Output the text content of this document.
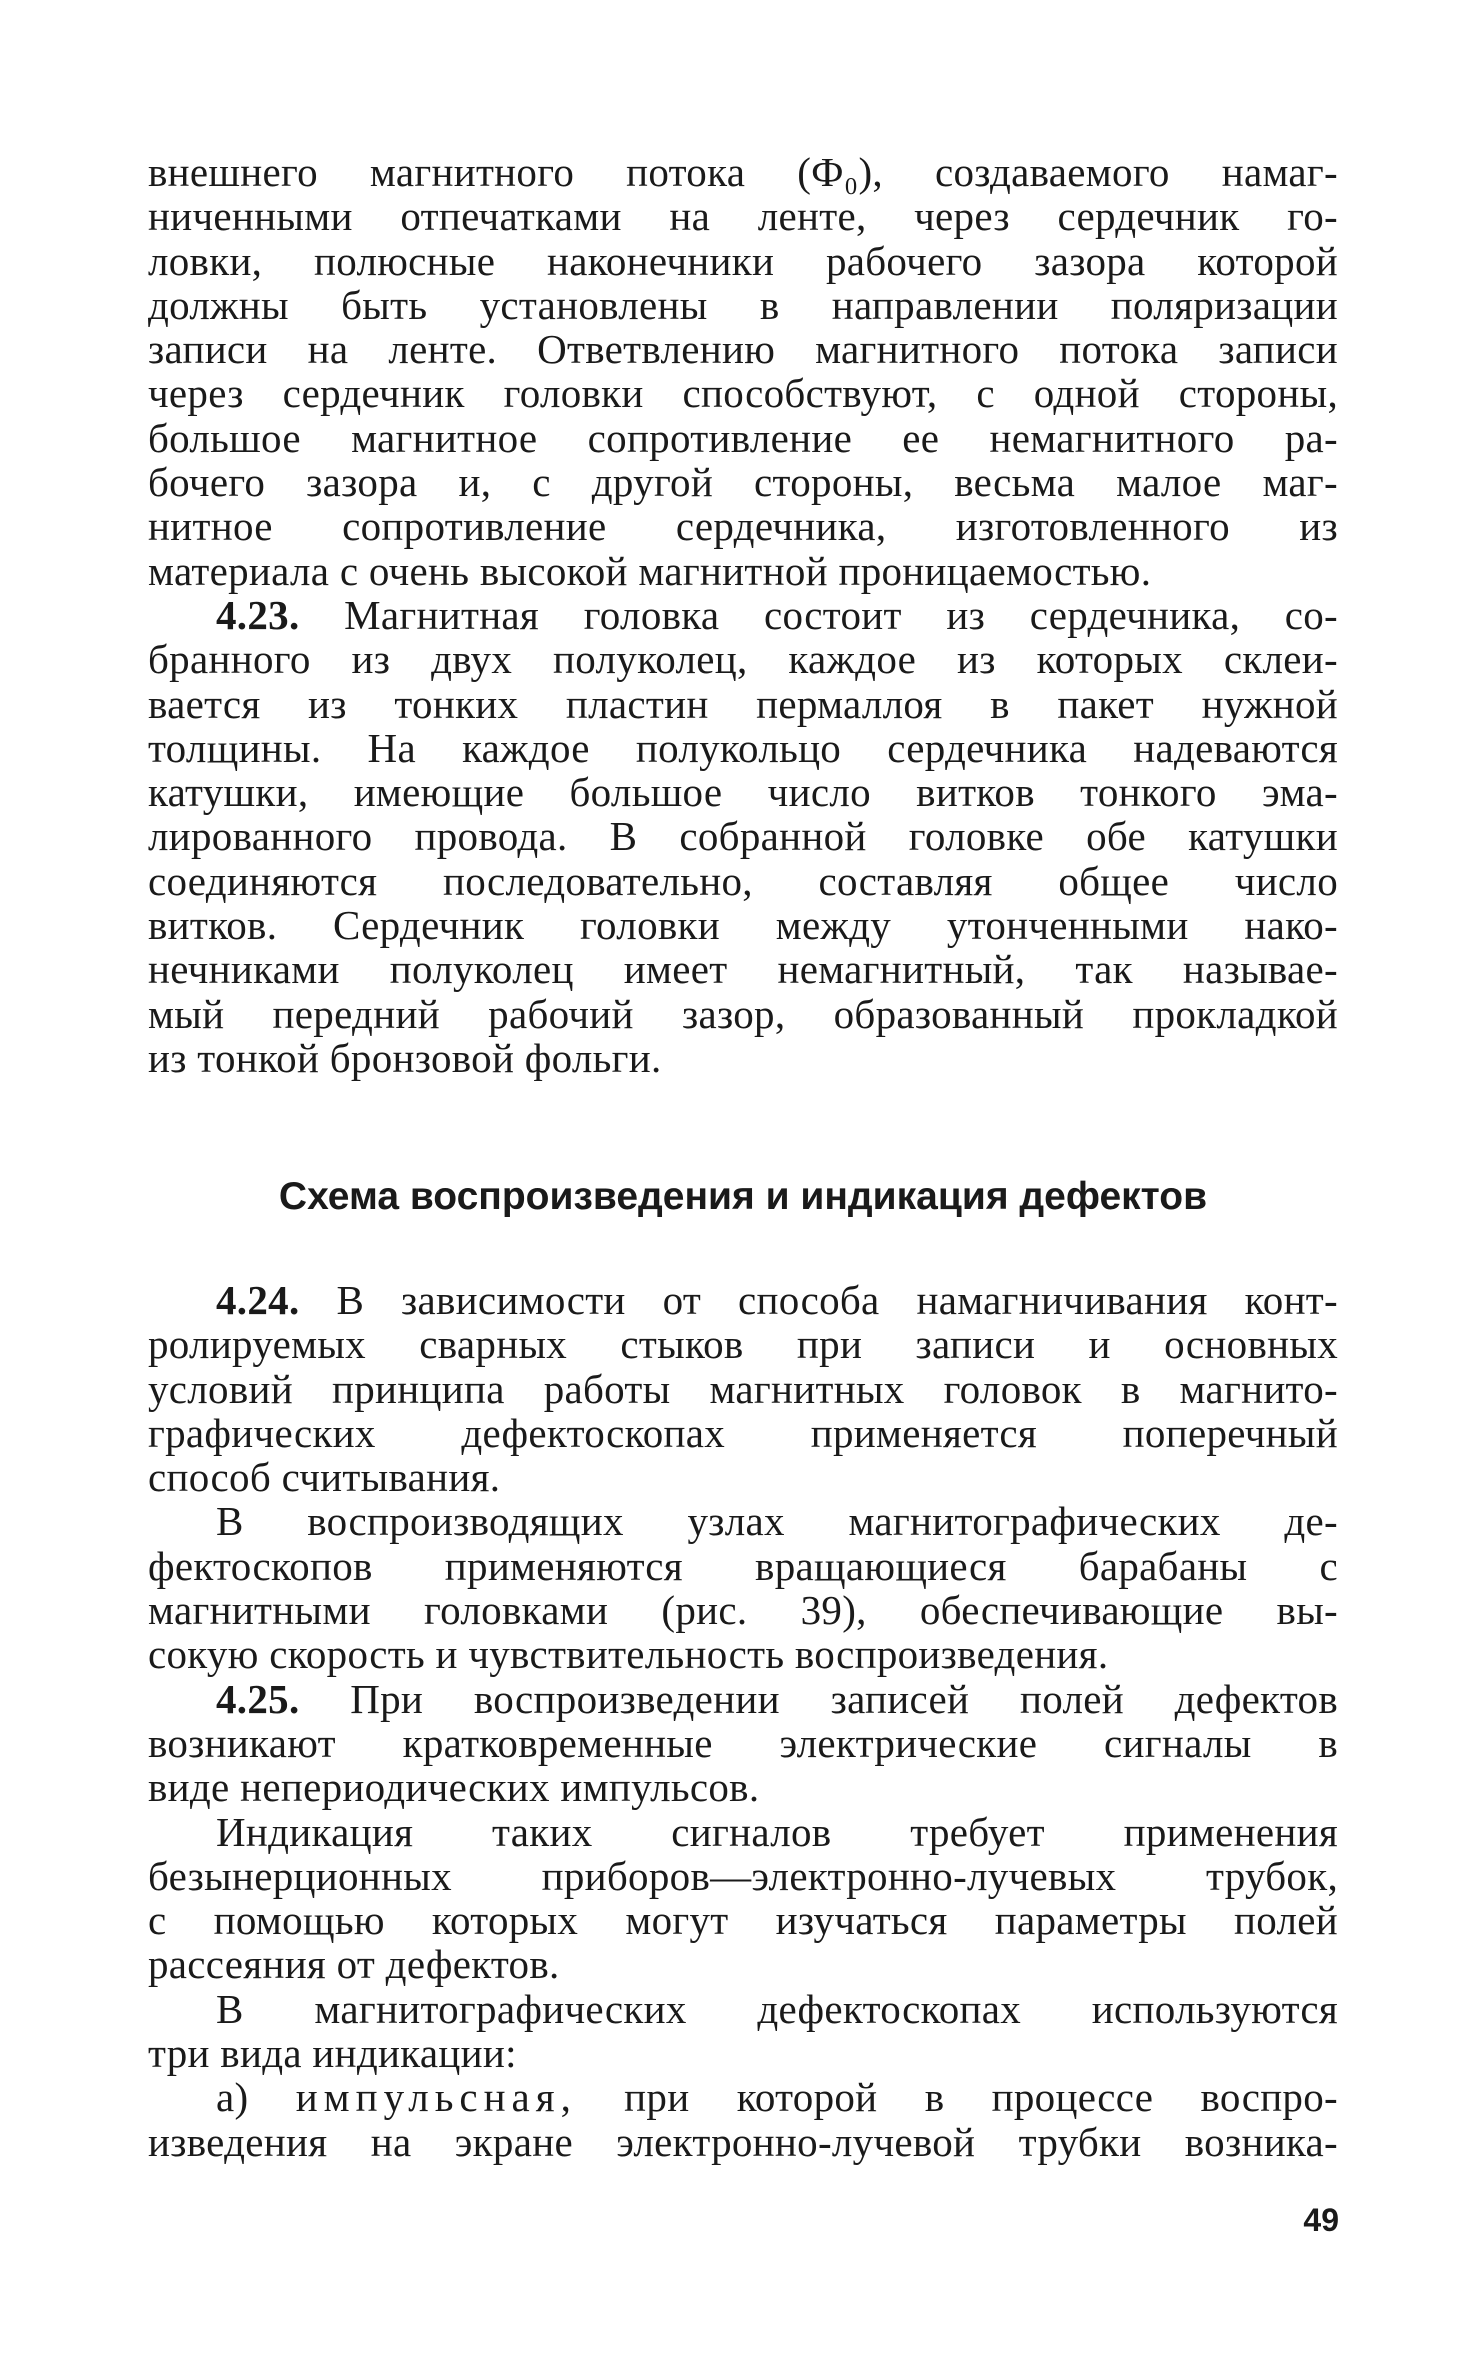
внешнего магнитного потока (Ф₀), создаваемого намаг-
ниченными отпечатками на ленте, через сердечник го-
ловки, полюсные наконечники рабочего зазора которой
должны быть установлены в направлении поляризации
записи на ленте. Ответвлению магнитного потока записи
через сердечник головки способствуют, с одной стороны,
большое магнитное сопротивление ее немагнитного ра-
бочего зазора и, с другой стороны, весьма малое маг-
нитное сопротивление сердечника, изготовленного из
материала с очень высокой магнитной проницаемостью.
4.23. Магнитная головка состоит из сердечника, со-
бранного из двух полуколец, каждое из которых склеи-
вается из тонких пластин пермаллоя в пакет нужной
толщины. На каждое полукольцо сердечника надеваются
катушки, имеющие большое число витков тонкого эма-
лированного провода. В собранной головке обе катушки
соединяются последовательно, составляя общее число
витков. Сердечник головки между утонченными нако-
нечниками полуколец имеет немагнитный, так называе-
мый передний рабочий зазор, образованный прокладкой
из тонкой бронзовой фольги.
Схема воспроизведения и индикация дефектов
4.24. В зависимости от способа намагничивания конт-
ролируемых сварных стыков при записи и основных
условий принципа работы магнитных головок в магнито-
графических дефектоскопах применяется поперечный
способ считывания.
В воспроизводящих узлах магнитографических де-
фектоскопов применяются вращающиеся барабаны с
магнитными головками (рис. 39), обеспечивающие вы-
сокую скорость и чувствительность воспроизведения.
4.25. При воспроизведении записей полей дефектов
возникают кратковременные электрические сигналы в
виде непериодических импульсов.
Индикация таких сигналов требует применения
безынерционных приборов—электронно-лучевых трубок,
с помощью которых могут изучаться параметры полей
рассеяния от дефектов.
В магнитографических дефектоскопах используются
три вида индикации:
а) импульсная, при которой в процессе воспро-
изведения на экране электронно-лучевой трубки возника-
49
